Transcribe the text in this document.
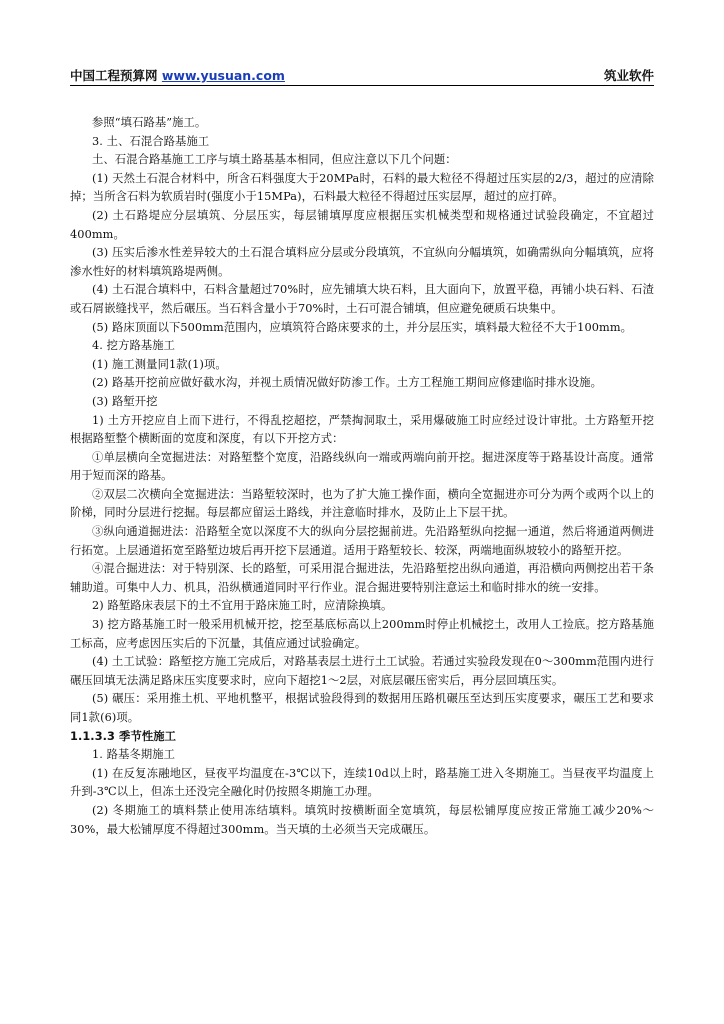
中国工程预算网 www.yusuan.com	筑业软件

参照“填石路基”施工。

3. 土、石混合路基施工

土、石混合路基施工工序与填土路基基本相同，但应注意以下几个问题：

(1) 天然土石混合材料中，所含石料强度大于20MPa时，石料的最大粒径不得超过压实层的2/3，超过的应清除掉；当所含石料为软质岩时(强度小于15MPa)，石料最大粒径不得超过压实层厚，超过的应打碎。

(2) 土石路堤应分层填筑、分层压实，每层铺填厚度应根据压实机械类型和规格通过试验段确定，不宜超过400mm。

(3) 压实后渗水性差异较大的土石混合填料应分层或分段填筑，不宜纵向分幅填筑，如确需纵向分幅填筑，应将渗水性好的材料填筑路堤两侧。

(4) 土石混合填料中，石料含量超过70%时，应先铺填大块石料，且大面向下，放置平稳，再铺小块石料、石渣或石屑嵌缝找平，然后碾压。当石料含量小于70%时，土石可混合铺填，但应避免硬质石块集中。

(5) 路床顶面以下500mm范围内，应填筑符合路床要求的土，并分层压实，填料最大粒径不大于100mm。

4. 挖方路基施工

(1) 施工测量同1款(1)项。

(2) 路基开挖前应做好截水沟，并视土质情况做好防渗工作。土方工程施工期间应修建临时排水设施。

(3) 路堑开挖

1) 土方开挖应自上而下进行，不得乱挖超挖，严禁掏洞取土，采用爆破施工时应经过设计审批。土方路堑开挖根据路堑整个横断面的宽度和深度，有以下开挖方式：

①单层横向全宽掘进法：对路堑整个宽度，沿路线纵向一端或两端向前开挖。掘进深度等于路基设计高度。通常用于短而深的路基。

②双层二次横向全宽掘进法：当路堑较深时，也为了扩大施工操作面，横向全宽掘进亦可分为两个或两个以上的阶梯，同时分层进行挖掘。每层都应留运土路线，并注意临时排水，及防止上下层干扰。

③纵向通道掘进法：沿路堑全宽以深度不大的纵向分层挖掘前进。先沿路堑纵向挖掘一通道，然后将通道两侧进行拓宽。上层通道拓宽至路堑边坡后再开挖下层通道。适用于路堑较长、较深，两端地面纵坡较小的路堑开挖。

④混合掘进法：对于特别深、长的路堑，可采用混合掘进法，先沿路堑挖出纵向通道，再沿横向两侧挖出若干条辅助道。可集中人力、机具，沿纵横通道同时平行作业。混合掘进要特别注意运土和临时排水的统一安排。

2) 路堑路床表层下的土不宜用于路床施工时，应清除换填。

3) 挖方路基施工时一般采用机械开挖，挖至基底标高以上200mm时停止机械挖土，改用人工捡底。挖方路基施工标高，应考虑因压实后的下沉量，其值应通过试验确定。

(4) 土工试验：路堑挖方施工完成后，对路基表层土进行土工试验。若通过实验段发现在0～300mm范围内进行碾压回填无法满足路床压实度要求时，应向下超挖1～2层，对底层碾压密实后，再分层回填压实。

(5) 碾压：采用推土机、平地机整平，根据试验段得到的数据用压路机碾压至达到压实度要求，碾压工艺和要求同1款(6)项。

1.1.3.3 季节性施工

1. 路基冬期施工

(1) 在反复冻融地区，昼夜平均温度在-3℃以下，连续10d以上时，路基施工进入冬期施工。当昼夜平均温度上升到-3℃以上，但冻土还没完全融化时仍按照冬期施工办理。

(2) 冬期施工的填料禁止使用冻结填料。填筑时按横断面全宽填筑，每层松铺厚度应按正常施工减少20%～30%，最大松铺厚度不得超过300mm。当天填的土必须当天完成碾压。
